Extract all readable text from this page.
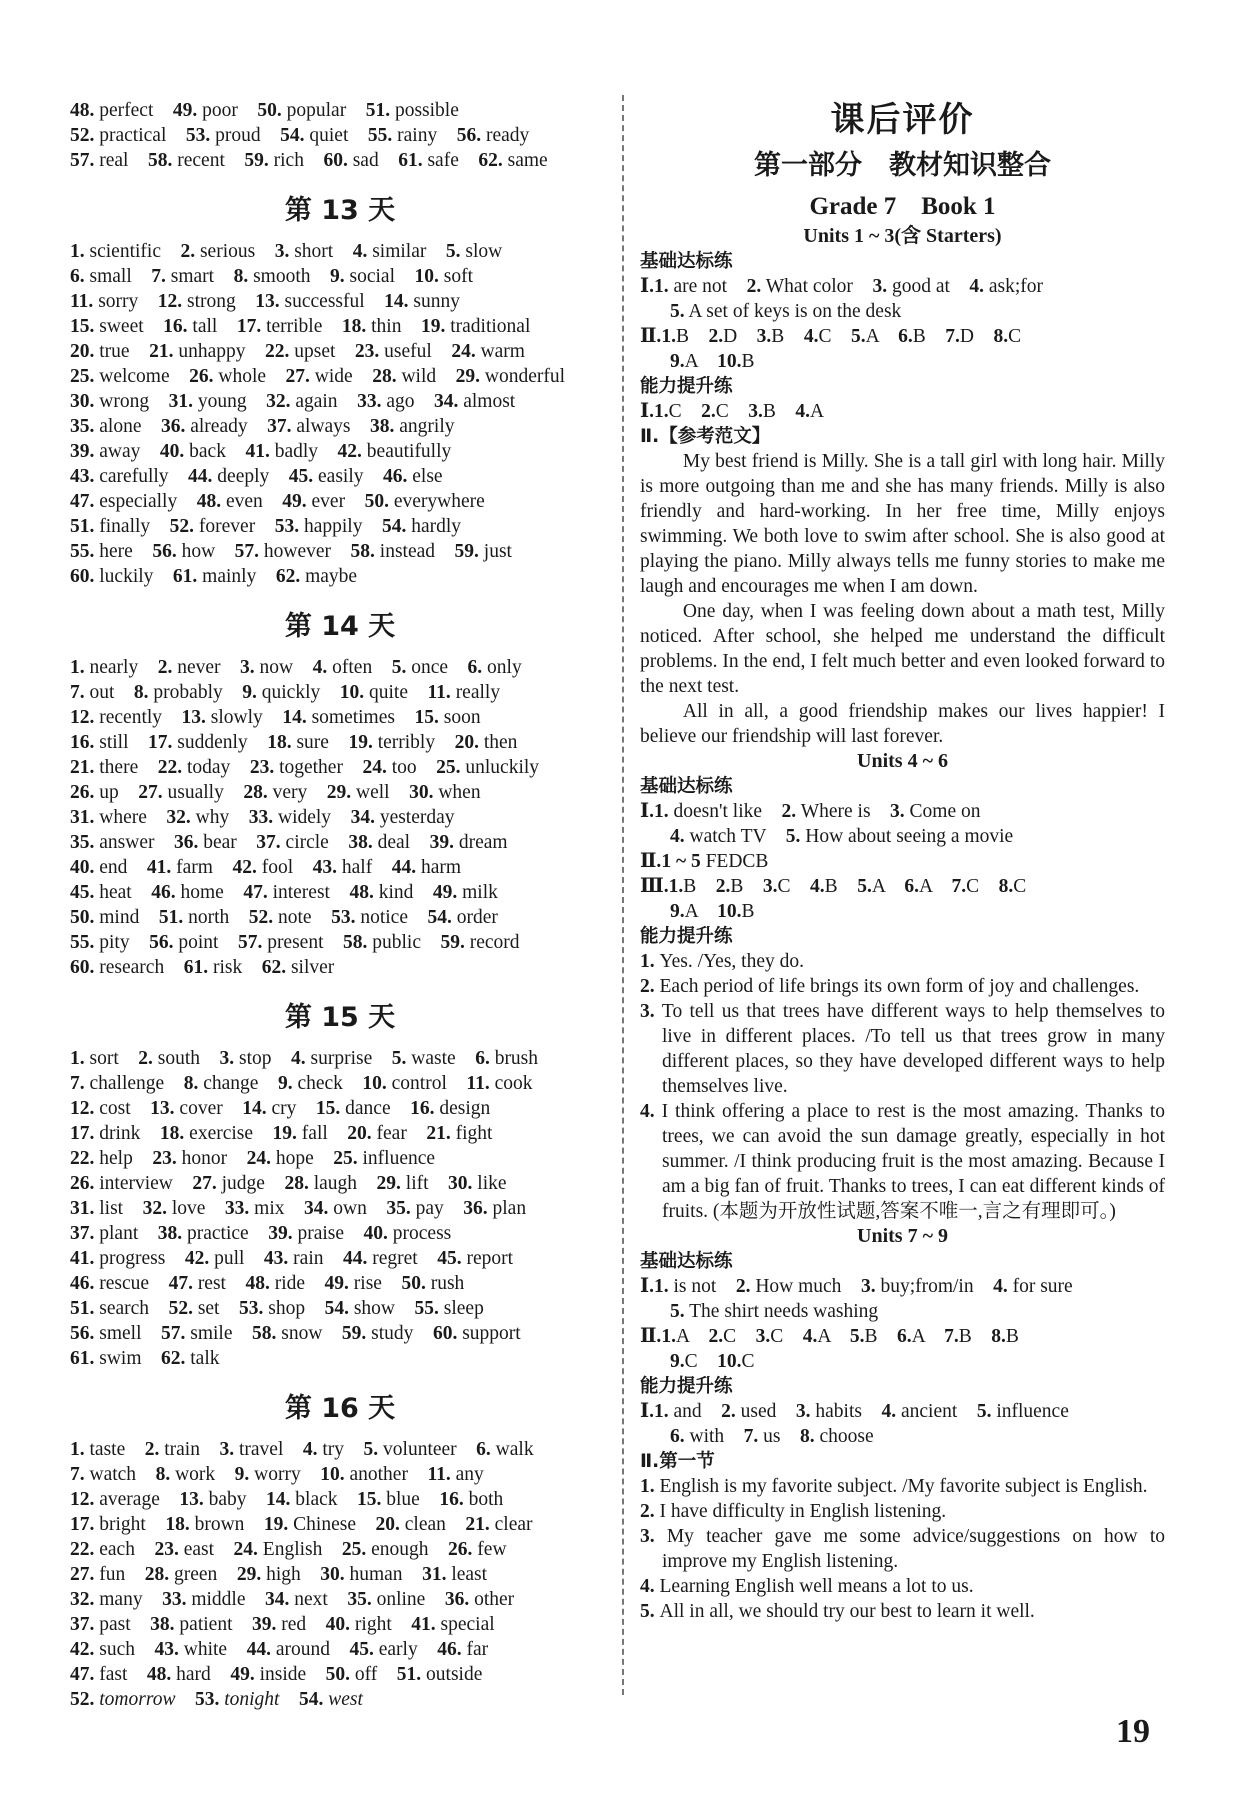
48. perfect  49. poor  50. popular  51. possible
52. practical  53. proud  54. quiet  55. rainy  56. ready
57. real  58. recent  59. rich  60. sad  61. safe  62. same
第 13 天
1. scientific  2. serious  3. short  4. similar  5. slow
6. small  7. smart  8. smooth  9. social  10. soft
11. sorry  12. strong  13. successful  14. sunny
15. sweet  16. tall  17. terrible  18. thin  19. traditional
20. true  21. unhappy  22. upset  23. useful  24. warm
25. welcome  26. whole  27. wide  28. wild  29. wonderful
30. wrong  31. young  32. again  33. ago  34. almost
35. alone  36. already  37. always  38. angrily
39. away  40. back  41. badly  42. beautifully
43. carefully  44. deeply  45. easily  46. else
47. especially  48. even  49. ever  50. everywhere
51. finally  52. forever  53. happily  54. hardly
55. here  56. how  57. however  58. instead  59. just
60. luckily  61. mainly  62. maybe
第 14 天
1. nearly  2. never  3. now  4. often  5. once  6. only
7. out  8. probably  9. quickly  10. quite  11. really
12. recently  13. slowly  14. sometimes  15. soon
16. still  17. suddenly  18. sure  19. terribly  20. then
21. there  22. today  23. together  24. too  25. unluckily
26. up  27. usually  28. very  29. well  30. when
31. where  32. why  33. widely  34. yesterday
35. answer  36. bear  37. circle  38. deal  39. dream
40. end  41. farm  42. fool  43. half  44. harm
45. heat  46. home  47. interest  48. kind  49. milk
50. mind  51. north  52. note  53. notice  54. order
55. pity  56. point  57. present  58. public  59. record
60. research  61. risk  62. silver
第 15 天
1. sort  2. south  3. stop  4. surprise  5. waste  6. brush
7. challenge  8. change  9. check  10. control  11. cook
12. cost  13. cover  14. cry  15. dance  16. design
17. drink  18. exercise  19. fall  20. fear  21. fight
22. help  23. honor  24. hope  25. influence
26. interview  27. judge  28. laugh  29. lift  30. like
31. list  32. love  33. mix  34. own  35. pay  36. plan
37. plant  38. practice  39. praise  40. process
41. progress  42. pull  43. rain  44. regret  45. report
46. rescue  47. rest  48. ride  49. rise  50. rush
51. search  52. set  53. shop  54. show  55. sleep
56. smell  57. smile  58. snow  59. study  60. support
61. swim  62. talk
第 16 天
1. taste  2. train  3. travel  4. try  5. volunteer  6. walk
7. watch  8. work  9. worry  10. another  11. any
12. average  13. baby  14. black  15. blue  16. both
17. bright  18. brown  19. Chinese  20. clean  21. clear
22. each  23. east  24. English  25. enough  26. few
27. fun  28. green  29. high  30. human  31. least
32. many  33. middle  34. next  35. online  36. other
37. past  38. patient  39. red  40. right  41. special
42. such  43. white  44. around  45. early  46. far
47. fast  48. hard  49. inside  50. off  51. outside
52. tomorrow  53. tonight  54. west
课后评价
第一部分　教材知识整合
Grade 7　Book 1
Units 1 ~ 3(含 Starters)
基础达标练
Ⅰ.1. are not　2. What color　3. good at　4. ask;for
5. A set of keys is on the desk
Ⅱ.1.B　2.D　3.B　4.C　5.A　6.B　7.D　8.C
9.A　10.B
能力提升练
Ⅰ.1.C　2.C　3.B　4.A
Ⅱ.【参考范文】
My best friend is Milly. She is a tall girl with long hair. Milly is more outgoing than me and she has many friends. Milly is also friendly and hard-working. In her free time, Milly enjoys swimming. We both love to swim after school. She is also good at playing the piano. Milly always tells me funny stories to make me laugh and encourages me when I am down.
One day, when I was feeling down about a math test, Milly noticed. After school, she helped me understand the difficult problems. In the end, I felt much better and even looked forward to the next test.
All in all, a good friendship makes our lives happier! I believe our friendship will last forever.
Units 4 ~ 6
基础达标练
Ⅰ.1. doesn't like　2. Where is　3. Come on
4. watch TV　5. How about seeing a movie
Ⅱ.1 ~ 5 FEDCB
Ⅲ.1.B　2.B　3.C　4.B　5.A　6.A　7.C　8.C
9.A　10.B
能力提升练
1. Yes. /Yes, they do.
2. Each period of life brings its own form of joy and challenges.
3. To tell us that trees have different ways to help themselves to live in different places. /To tell us that trees grow in many different places, so they have developed different ways to help themselves live.
4. I think offering a place to rest is the most amazing. Thanks to trees, we can avoid the sun damage greatly, especially in hot summer. /I think producing fruit is the most amazing. Because I am a big fan of fruit. Thanks to trees, I can eat different kinds of fruits. (本题为开放性试题,答案不唯一,言之有理即可。)
Units 7 ~ 9
基础达标练
Ⅰ.1. is not　2. How much　3. buy;from/in　4. for sure
5. The shirt needs washing
Ⅱ.1.A　2.C　3.C　4.A　5.B　6.A　7.B　8.B
9.C　10.C
能力提升练
Ⅰ.1. and　2. used　3. habits　4. ancient　5. influence
6. with　7. us　8. choose
Ⅱ.第一节
1. English is my favorite subject. /My favorite subject is English.
2. I have difficulty in English listening.
3. My teacher gave me some advice/suggestions on how to improve my English listening.
4. Learning English well means a lot to us.
5. All in all, we should try our best to learn it well.
19
